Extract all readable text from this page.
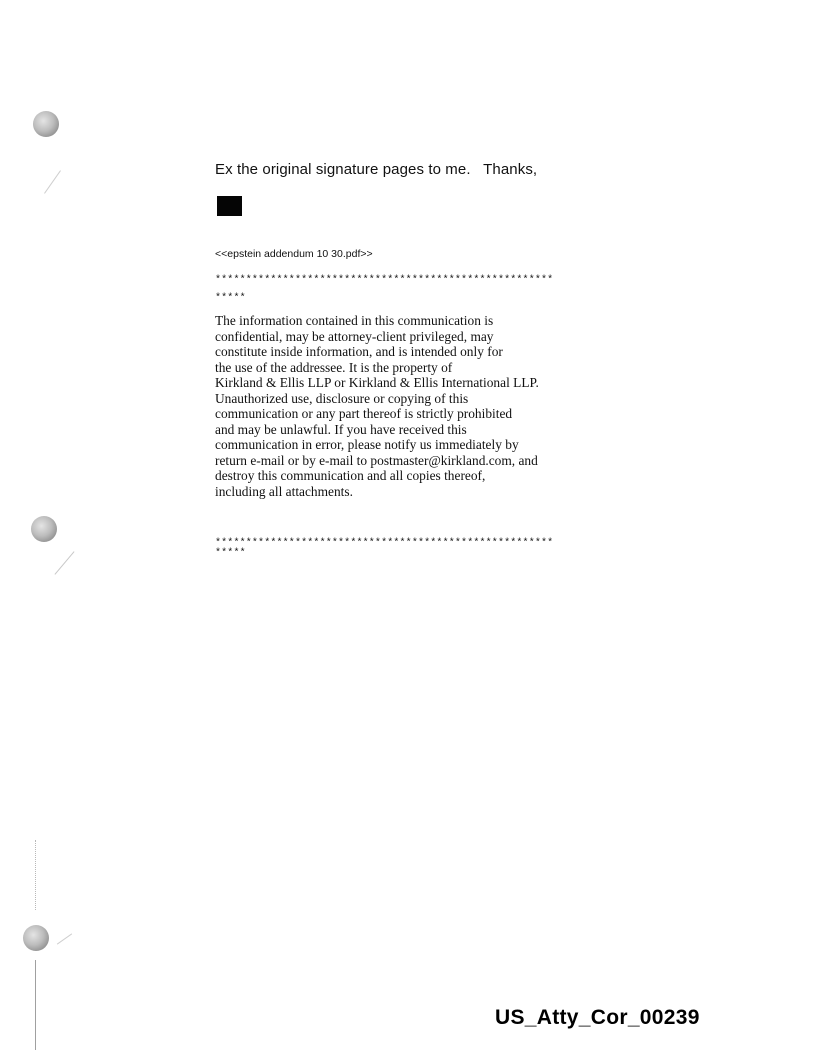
Ex the original signature pages to me.   Thanks,
<<epstein addendum 10 30.pdf>>
*******************************************************
*****
The information contained in this communication is
confidential, may be attorney-client privileged, may
constitute inside information, and is intended only for
the use of the addressee. It is the property of
Kirkland & Ellis LLP or Kirkland & Ellis International LLP.
Unauthorized use, disclosure or copying of this
communication or any part thereof is strictly prohibited
and may be unlawful. If you have received this
communication in error, please notify us immediately by
return e-mail or by e-mail to postmaster@kirkland.com, and
destroy this communication and all copies thereof,
including all attachments.
*******************************************************
*****
US_Atty_Cor_00239
